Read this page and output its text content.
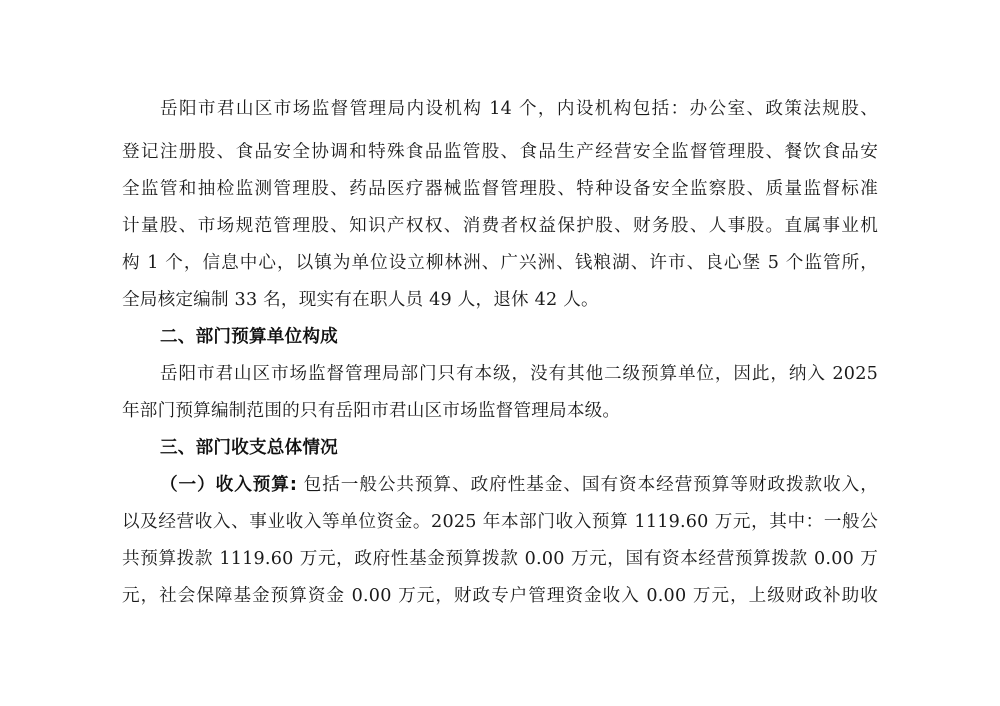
岳阳市君山区市场监督管理局内设机构 14 个，内设机构包括：办公室、政策法规股、
登记注册股、食品安全协调和特殊食品监管股、食品生产经营安全监督管理股、餐饮食品安
全监管和抽检监测管理股、药品医疗器械监督管理股、特种设备安全监察股、质量监督标准
计量股、市场规范管理股、知识产权权、消费者权益保护股、财务股、人事股。直属事业机
构 1 个，信息中心，以镇为单位设立柳林洲、广兴洲、钱粮湖、许市、良心堡 5 个监管所，
全局核定编制 33 名，现实有在职人员 49 人，退休 42 人。
二、部门预算单位构成
岳阳市君山区市场监督管理局部门只有本级，没有其他二级预算单位，因此，纳入 2025
年部门预算编制范围的只有岳阳市君山区市场监督管理局本级。
三、部门收支总体情况
（一）收入预算: 包括一般公共预算、政府性基金、国有资本经营预算等财政拨款收入，
以及经营收入、事业收入等单位资金。2025 年本部门收入预算 1119.60 万元，其中：一般公
共预算拨款 1119.60 万元，政府性基金预算拨款 0.00 万元，国有资本经营预算拨款 0.00 万
元，社会保障基金预算资金 0.00 万元，财政专户管理资金收入 0.00 万元，上级财政补助收
